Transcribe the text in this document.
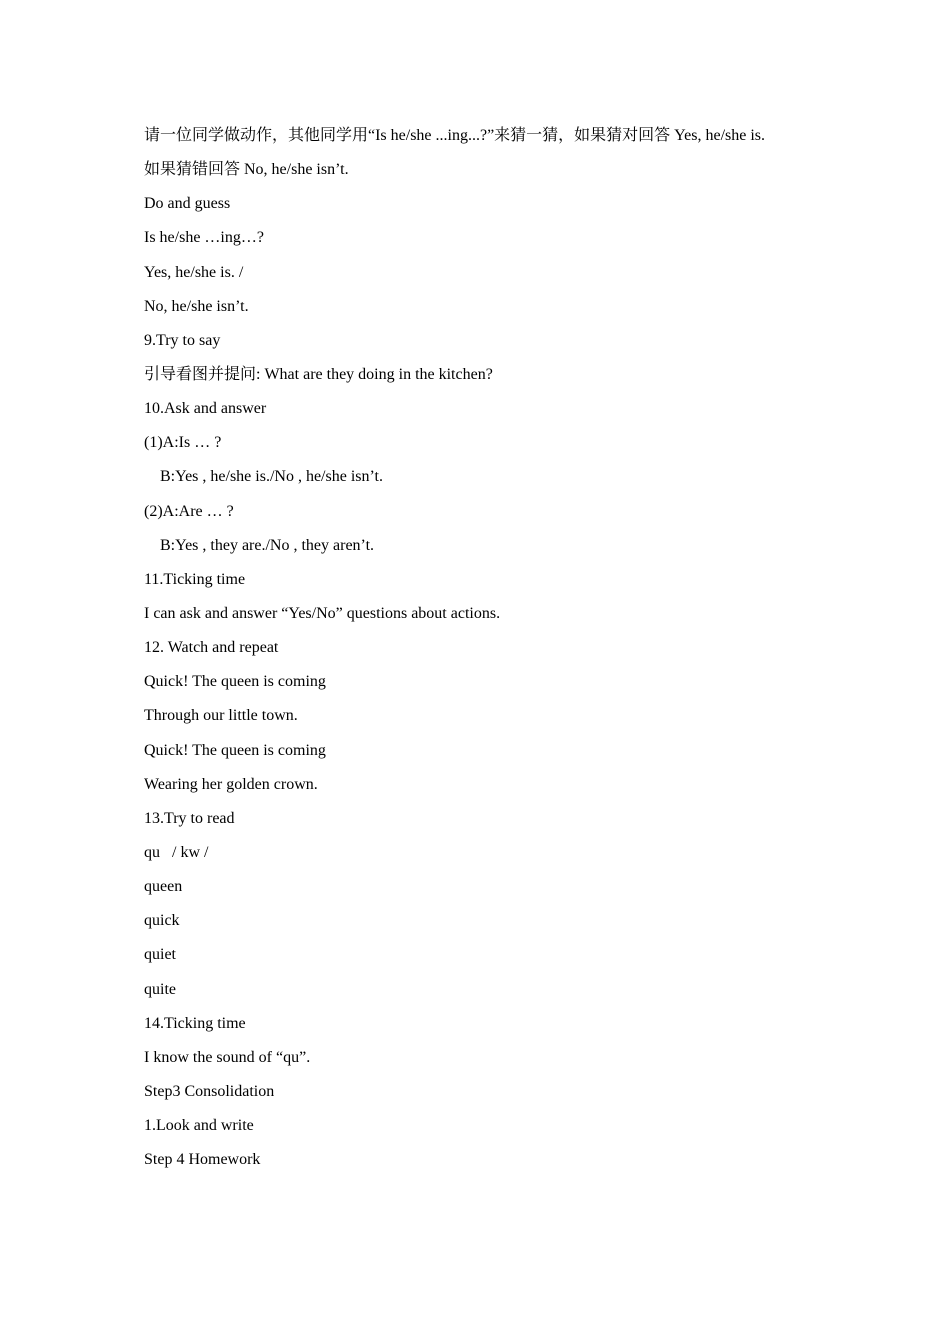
请一位同学做动作，其他同学用“Is he/she ...ing...?”来猜一猜，如果猜对回答 Yes, he/she is.
如果猜错回答 No, he/she isn’t.
Do and guess
Is he/she …ing…?
Yes, he/she is. /
No, he/she isn’t.
9.Try to say
引导看图并提问: What are they doing in the kitchen?
10.Ask and answer
(1)A:Is … ?
B:Yes , he/she is./No , he/she isn’t.
(2)A:Are … ?
B:Yes , they are./No , they aren’t.
11.Ticking time
I can ask and answer “Yes/No” questions about actions.
12. Watch and repeat
Quick! The queen is coming
Through our little town.
Quick! The queen is coming
Wearing her golden crown.
13.Try to read
qu   / kw /
queen
quick
quiet
quite
14.Ticking time
I know the sound of “qu”.
Step3 Consolidation
1.Look and write
Step 4 Homework
